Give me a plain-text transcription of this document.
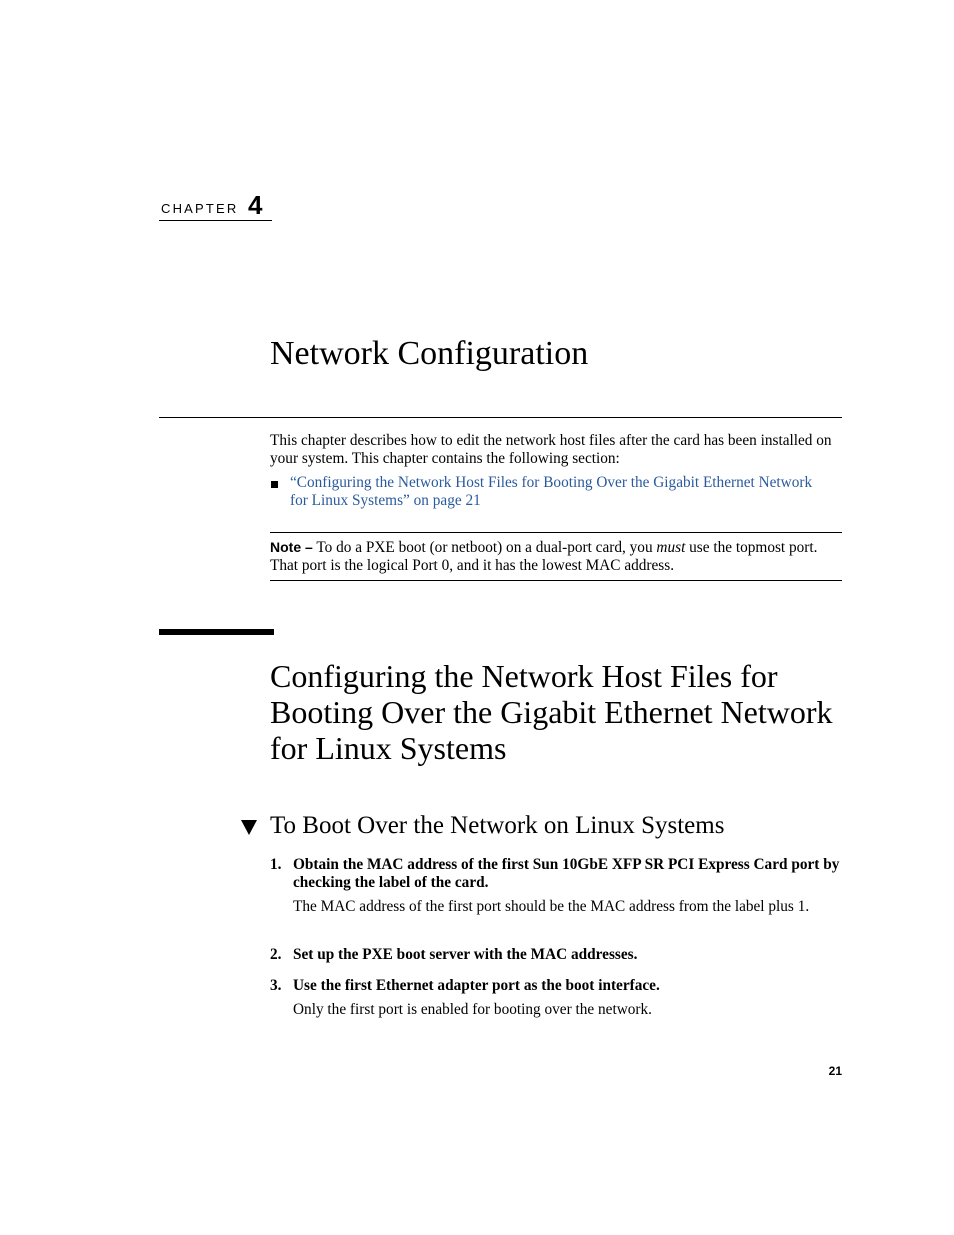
CHAPTER 4
Network Configuration
This chapter describes how to edit the network host files after the card has been installed on your system. This chapter contains the following section:
“Configuring the Network Host Files for Booting Over the Gigabit Ethernet Network for Linux Systems” on page 21
Note – To do a PXE boot (or netboot) on a dual-port card, you must use the topmost port. That port is the logical Port 0, and it has the lowest MAC address.
Configuring the Network Host Files for Booting Over the Gigabit Ethernet Network for Linux Systems
To Boot Over the Network on Linux Systems
1. Obtain the MAC address of the first Sun 10GbE XFP SR PCI Express Card port by checking the label of the card.
The MAC address of the first port should be the MAC address from the label plus 1.
2. Set up the PXE boot server with the MAC addresses.
3. Use the first Ethernet adapter port as the boot interface.
Only the first port is enabled for booting over the network.
21
